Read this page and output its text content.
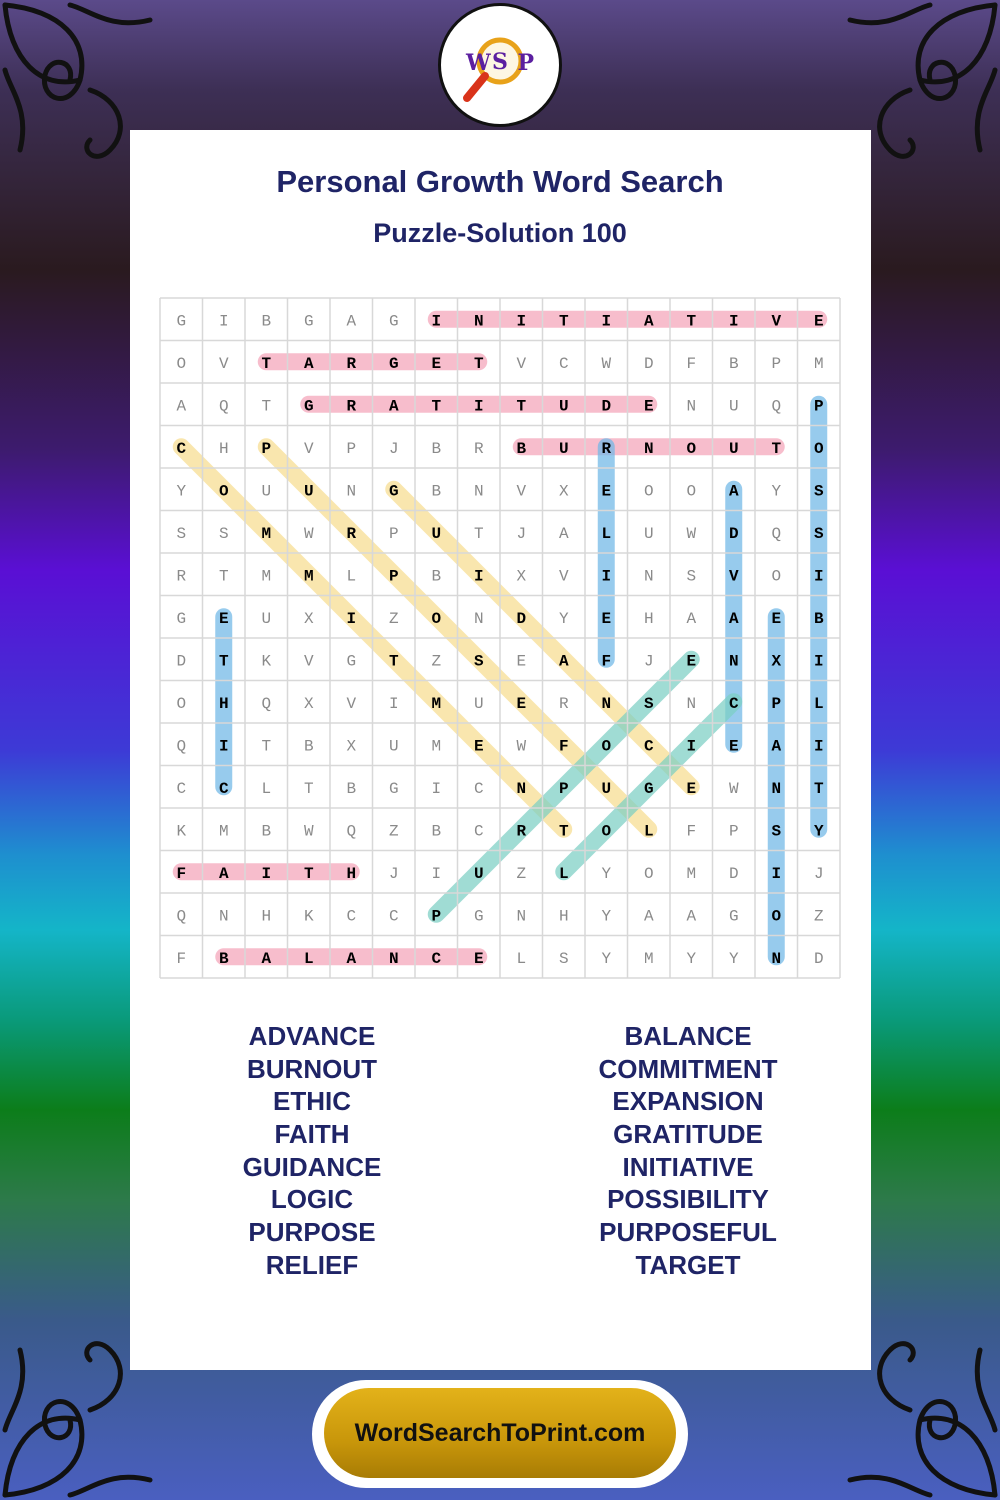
W S P
Personal Growth Word Search
Puzzle-Solution 100
G I B G A G I N I T I A T I V E
O V T A R G E T V C W D F B P M
A Q T G R A T I T U D E N U Q P
C H P V P J B R B U R N O U T O
Y O U U N G B N V X E O O A Y S
S S M W R P U T J A L U W D Q S
R T M M L P B I X V I N S V O I
G E U X I Z O N D Y E H A A E B
D T K V G T Z S E A F J E N X I
O H Q X V I M U E R N S N C P L
Q I T B X U M E W F O C I E A I
C C L T B G I C N P U G E W N T
K M B W Q Z B C R T O L F P S Y
F A I T H J I U Z L Y O M D I J
Q N H K C C P G N H Y A A G O Z
F B A L A N C E L S Y M Y Y N D
ADVANCE
BURNOUT
ETHIC
FAITH
GUIDANCE
LOGIC
PURPOSE
RELIEF
BALANCE
COMMITMENT
EXPANSION
GRATITUDE
INITIATIVE
POSSIBILITY
PURPOSEFUL
TARGET
WordSearchToPrint.com
